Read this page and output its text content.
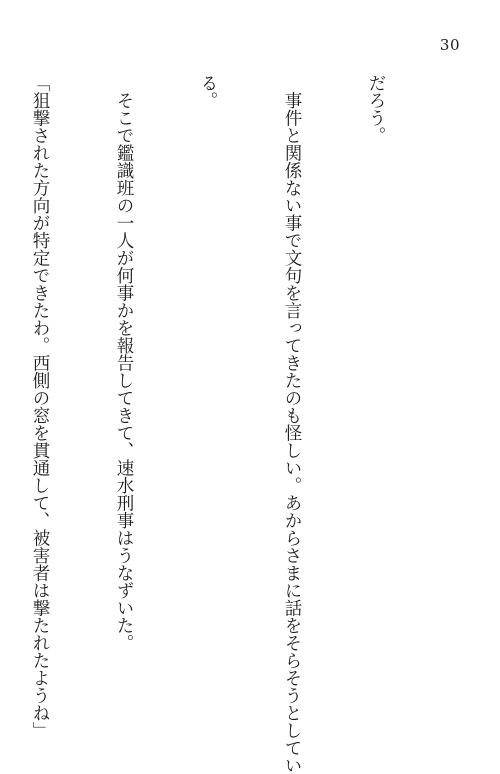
30

だろう。

　事件と関係ない事で文句を言ってきたのも怪しい。あからさまに話をそらそうとしてい

る。

　そこで鑑識班の一人が何事かを報告してきて、速水刑事はうなずいた。

「狙撃された方向が特定できたわ。西側の窓を貫通して、被害者は撃たれたようね」
